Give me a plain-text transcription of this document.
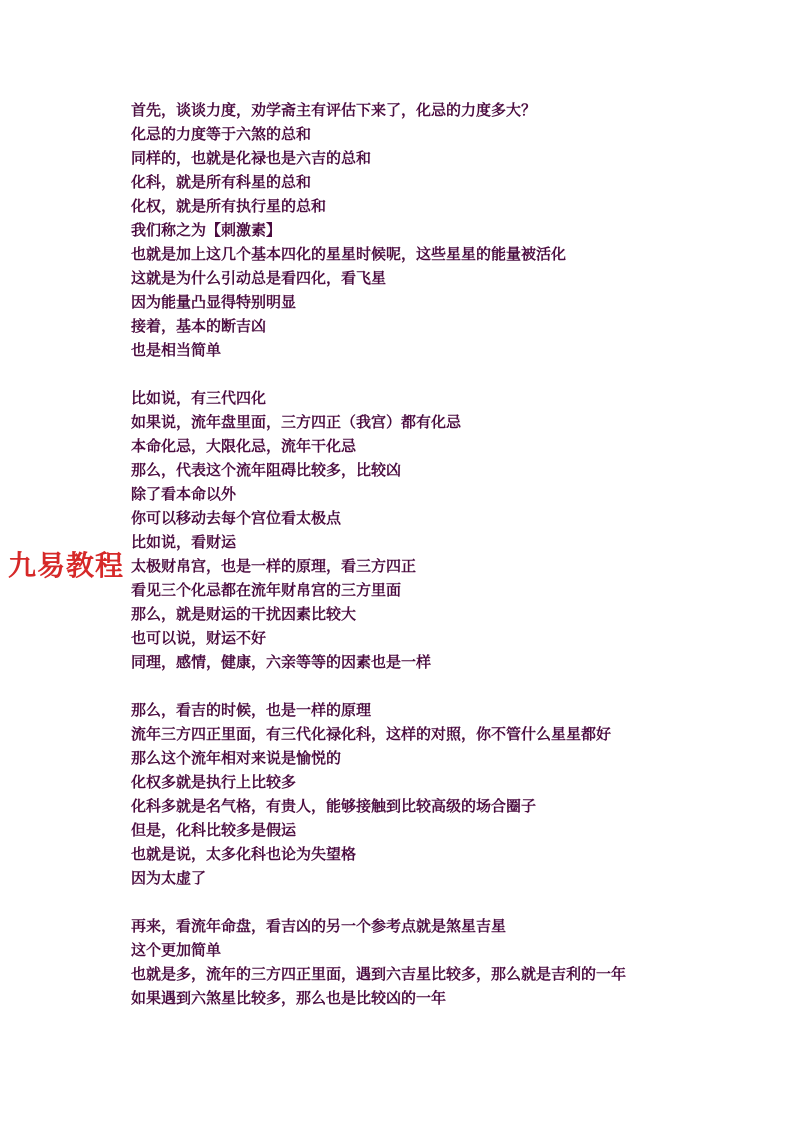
首先，谈谈力度，劝学斋主有评估下来了，化忌的力度多大？
化忌的力度等于六煞的总和
同样的，也就是化禄也是六吉的总和
化科，就是所有科星的总和
化权，就是所有执行星的总和
我们称之为【刺激素】
也就是加上这几个基本四化的星星时候呢，这些星星的能量被活化
这就是为什么引动总是看四化，看飞星
因为能量凸显得特别明显
接着，基本的断吉凶
也是相当简单
比如说，有三代四化
如果说，流年盘里面，三方四正（我宫）都有化忌
本命化忌，大限化忌，流年干化忌
那么，代表这个流年阻碍比较多，比较凶
除了看本命以外
你可以移动去每个宫位看太极点
比如说，看财运
太极财帛宫，也是一样的原理，看三方四正
看见三个化忌都在流年财帛宫的三方里面
那么，就是财运的干扰因素比较大
也可以说，财运不好
同理，感情，健康，六亲等等的因素也是一样
那么，看吉的时候，也是一样的原理
流年三方四正里面，有三代化禄化科，这样的对照，你不管什么星星都好
那么这个流年相对来说是愉悦的
化权多就是执行上比较多
化科多就是名气格，有贵人，能够接触到比较高级的场合圈子
但是，化科比较多是假运
也就是说，太多化科也论为失望格
因为太虚了
再来，看流年命盘，看吉凶的另一个参考点就是煞星吉星
这个更加简单
也就是多，流年的三方四正里面，遇到六吉星比较多，那么就是吉利的一年
如果遇到六煞星比较多，那么也是比较凶的一年
九易教程
